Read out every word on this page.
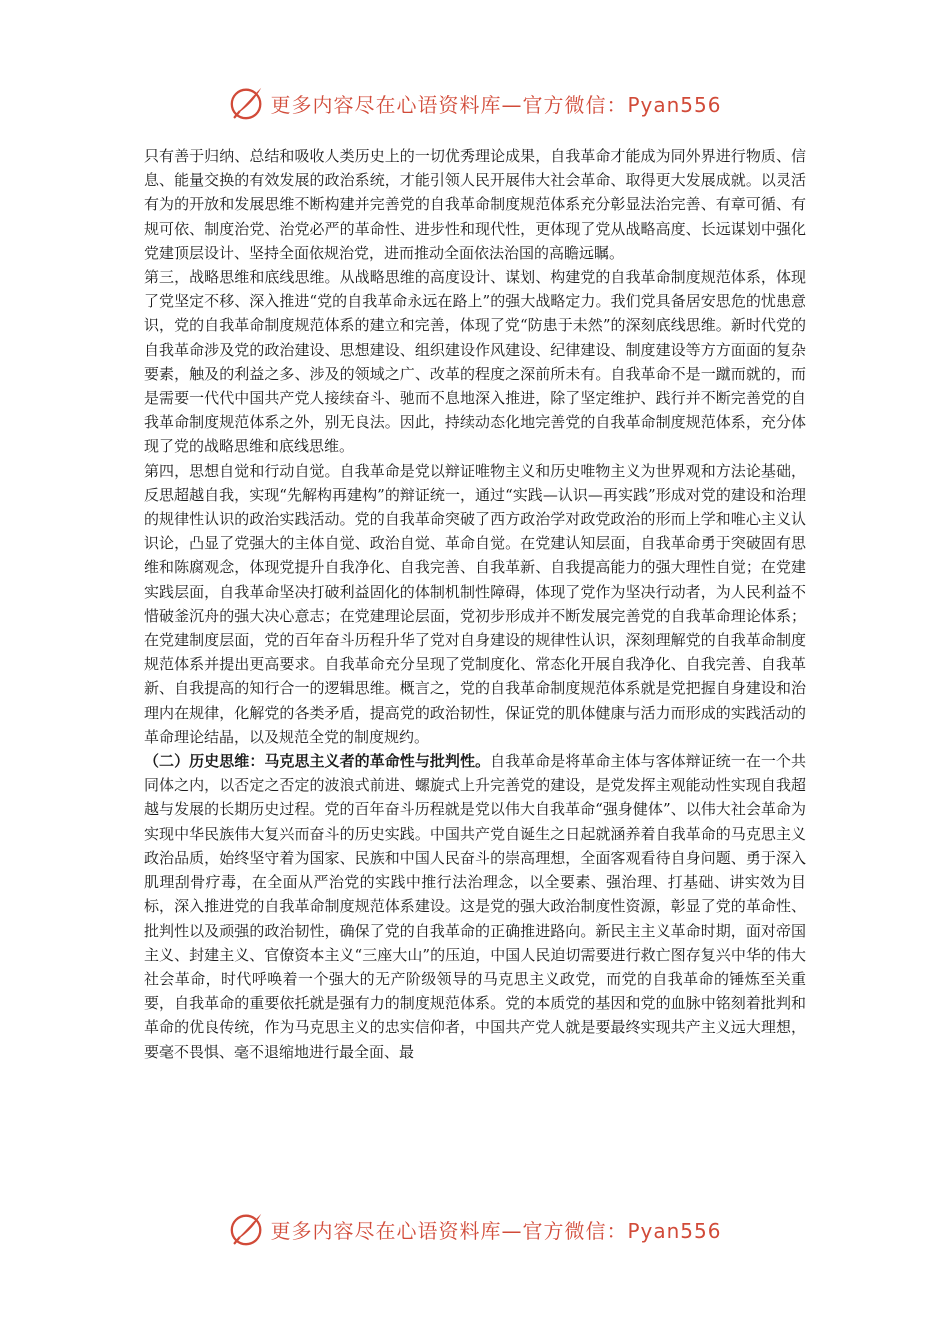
更多内容尽在心语资料库—官方微信：Pyan556

只有善于归纳、总结和吸收人类历史上的一切优秀理论成果，自我革命才能成为同外界进行物质、信息、能量交换的有效发展的政治系统，才能引领人民开展伟大社会革命、取得更大发展成就。以灵活有为的开放和发展思维不断构建并完善党的自我革命制度规范体系充分彰显法治完善、有章可循、有规可依、制度治党、治党必严的革命性、进步性和现代性，更体现了党从战略高度、长远谋划中强化党建顶层设计、坚持全面依规治党，进而推动全面依法治国的高瞻远瞩。

第三，战略思维和底线思维。从战略思维的高度设计、谋划、构建党的自我革命制度规范体系，体现了党坚定不移、深入推进“党的自我革命永远在路上”的强大战略定力。我们党具备居安思危的忧患意识，党的自我革命制度规范体系的建立和完善，体现了党“防患于未然”的深刻底线思维。新时代党的自我革命涉及党的政治建设、思想建设、组织建设作风建设、纪律建设、制度建设等方方面面的复杂要素，触及的利益之多、涉及的领域之广、改革的程度之深前所未有。自我革命不是一蹴而就的，而是需要一代代中国共产党人接续奋斗、驰而不息地深入推进，除了坚定维护、践行并不断完善党的自我革命制度规范体系之外，别无良法。因此，持续动态化地完善党的自我革命制度规范体系，充分体现了党的战略思维和底线思维。

第四，思想自觉和行动自觉。自我革命是党以辩证唯物主义和历史唯物主义为世界观和方法论基础，反思超越自我，实现“先解构再建构”的辩证统一，通过“实践—认识—再实践”形成对党的建设和治理的规律性认识的政治实践活动。党的自我革命突破了西方政治学对政党政治的形而上学和唯心主义认识论，凸显了党强大的主体自觉、政治自觉、革命自觉。在党建认知层面，自我革命勇于突破固有思维和陈腐观念，体现党提升自我净化、自我完善、自我革新、自我提高能力的强大理性自觉；在党建实践层面，自我革命坚决打破利益固化的体制机制性障碍，体现了党作为坚决行动者，为人民利益不惜破釜沉舟的强大决心意志；在党建理论层面，党初步形成并不断发展完善党的自我革命理论体系；在党建制度层面，党的百年奋斗历程升华了党对自身建设的规律性认识，深刻理解党的自我革命制度规范体系并提出更高要求。自我革命充分呈现了党制度化、常态化开展自我净化、自我完善、自我革新、自我提高的知行合一的逻辑思维。概言之，党的自我革命制度规范体系就是党把握自身建设和治理内在规律，化解党的各类矛盾，提高党的政治韧性，保证党的肌体健康与活力而形成的实践活动的革命理论结晶，以及规范全党的制度规约。

（二）历史思维：马克思主义者的革命性与批判性。自我革命是将革命主体与客体辩证统一在一个共同体之内，以否定之否定的波浪式前进、螺旋式上升完善党的建设，是党发挥主观能动性实现自我超越与发展的长期历史过程。党的百年奋斗历程就是党以伟大自我革命“强身健体”、以伟大社会革命为实现中华民族伟大复兴而奋斗的历史实践。中国共产党自诞生之日起就涵养着自我革命的马克思主义政治品质，始终坚守着为国家、民族和中国人民奋斗的崇高理想，全面客观看待自身问题、勇于深入肌理刮骨疗毒，在全面从严治党的实践中推行法治理念，以全要素、强治理、打基础、讲实效为目标，深入推进党的自我革命制度规范体系建设。这是党的强大政治制度性资源，彰显了党的革命性、批判性以及顽强的政治韧性，确保了党的自我革命的正确推进路向。新民主主义革命时期，面对帝国主义、封建主义、官僚资本主义“三座大山”的压迫，中国人民迫切需要进行救亡图存复兴中华的伟大社会革命，时代呼唤着一个强大的无产阶级领导的马克思主义政党，而党的自我革命的锤炼至关重要，自我革命的重要依托就是强有力的制度规范体系。党的本质党的基因和党的血脉中铭刻着批判和革命的优良传统，作为马克思主义的忠实信仰者，中国共产党人就是要最终实现共产主义远大理想，要毫不畏惧、毫不退缩地进行最全面、最

更多内容尽在心语资料库—官方微信：Pyan556
